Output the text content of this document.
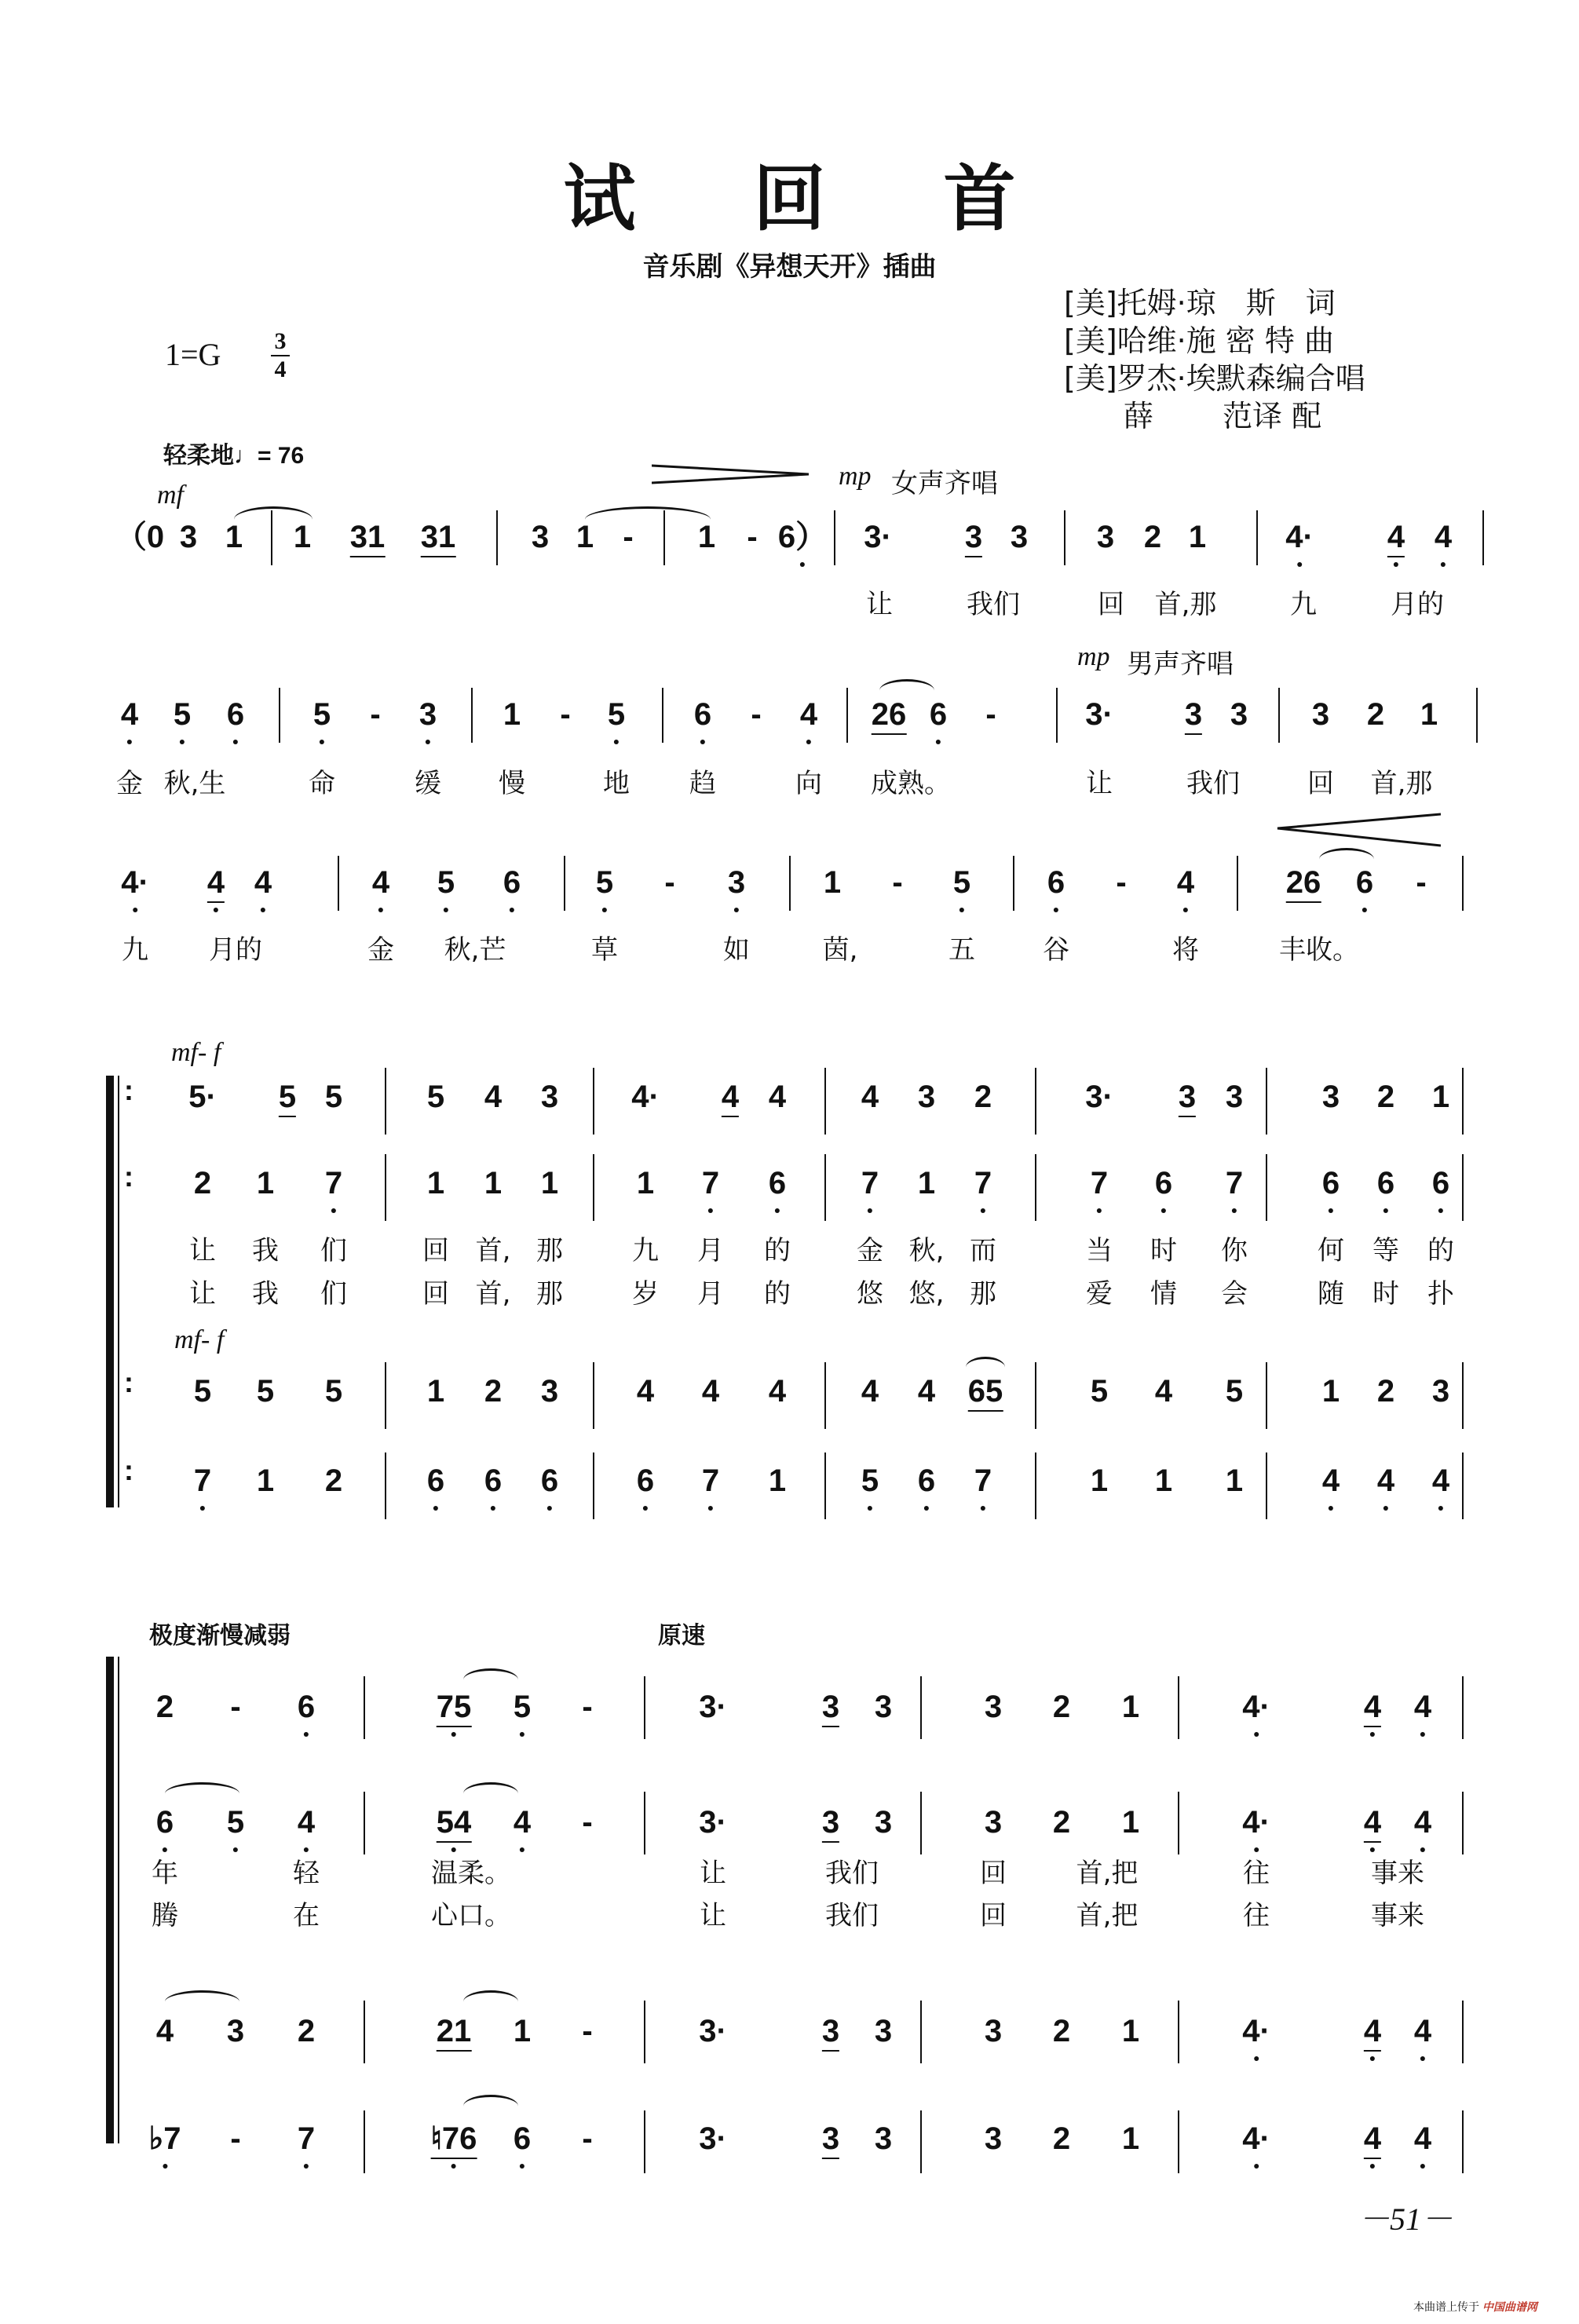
试回首
音乐剧《异想天开》插曲
1=G 3
4
[美]托姆·琼　斯　词
[美]哈维·施 密 特 曲
[美]罗杰·埃默森编合唱
　　薛　　 范译 配
轻柔地♩= 76
mf
mp 女声齐唱
（0 3 1 1 31 31 3 1 - 1 - 6） 3· 3 3 3 2 1	4· 4 4
让	我们	回 首,那	九	月的
mp 男声齐唱
4 5 6 5 - 3 1 - 5 6 - 4 26 6 -	3· 3 3 3 2 1
金 秋,生	命	缓 慢	地 趋	向 成熟。	让	我们	回 首,那
4· 4 4	4 5 6 5 - 3 1 - 5 6 - 4	26 6 -
九 月的	金 秋,芒	草	如	茵,	五	谷	将	丰收。
mf- f
mf- f
:
:
:
:
5· 5 5	5 4 3 4· 4 4 4 3 2	3· 3 3	3 2 1
2 1 7	1 1 1 1 7 6 7 1 7	7 6 7	6 6 6
让 我 们	回 首, 那	九 月 的 金 秋, 而	当 时 你	何 等 的
让 我 们	回 首, 那	岁 月 的 悠 悠, 那	爱 情 会	随 时 扑
5 5 5	1 2 3 4 4 4 4 4 65	5 4 5	1 2 3
7 1 2	6 6 6 6 7 1 5 6 7	1 1 1	4 4 4
极度渐慢减弱	原速
2 - 6	75 5 -	3·	3 3	3 2 1	4·	4 4
6 5 4	54 4 -	3·	3 3	3 2 1	4·	4 4
年	轻	温柔。	让	我们	回	首,把	往	事来
腾	在	心口。	让	我们	回	首,把	往	事来
4 3 2	21 1 -	3·	3 3	3 2 1	4·	4 4
♭7 - 7	♮76 6 -	3·	3 3	3 2 1	4·	4 4
－51－
本曲谱上传于 中国曲谱网
